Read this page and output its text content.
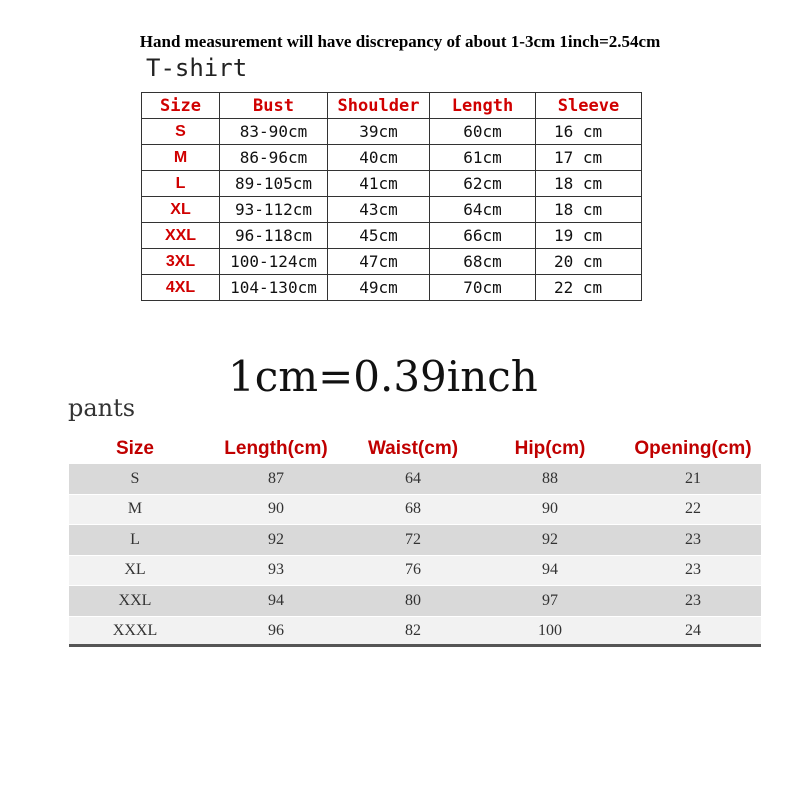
Hand measurement will have discrepancy of about 1-3cm 1inch=2.54cm
T-shirt
Size	Bust	Shoulder	Length	Sleeve
S	83-90cm	39cm	60cm	16 cm
M	86-96cm	40cm	61cm	17 cm
L	89-105cm	41cm	62cm	18 cm
XL	93-112cm	43cm	64cm	18 cm
XXL	96-118cm	45cm	66cm	19 cm
3XL	100-124cm	47cm	68cm	20 cm
4XL	104-130cm	49cm	70cm	22 cm
1cm=0.39inch
pants
Size	Length(cm)	Waist(cm)	Hip(cm)	Opening(cm)
S	87	64	88	21
M	90	68	90	22
L	92	72	92	23
XL	93	76	94	23
XXL	94	80	97	23
XXXL	96	82	100	24
